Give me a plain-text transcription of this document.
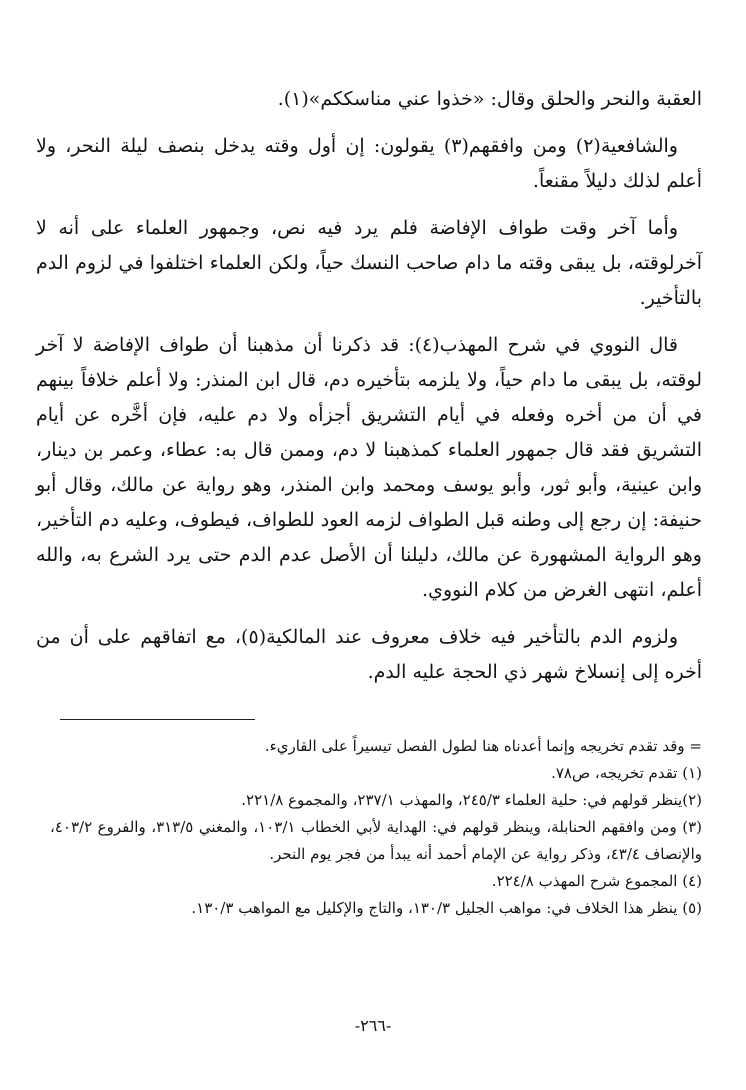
العقبة والنحر والحلق وقال: «خذوا عني مناسككم»(١).

والشافعية(٢) ومن وافقهم(٣) يقولون: إن أول وقته يدخل بنصف ليلة النحر، ولا أعلم لذلك دليلاً مقنعاً.

وأما آخر وقت طواف الإفاضة فلم يرد فيه نص، وجمهور العلماء على أنه لا آخرلوقته، بل يبقى وقته ما دام صاحب النسك حياً، ولكن العلماء اختلفوا في لزوم الدم بالتأخير.

قال النووي في شرح المهذب(٤): قد ذكرنا أن مذهبنا أن طواف الإفاضة لا آخر لوقته، بل يبقى ما دام حياً، ولا يلزمه بتأخيره دم، قال ابن المنذر: ولا أعلم خلافاً بينهم في أن من أخره وفعله في أيام التشريق أجزأه ولا دم عليه، فإن أخَّره عن أيام التشريق فقد قال جمهور العلماء كمذهبنا لا دم، وممن قال به: عطاء، وعمر بن دينار، وابن عينية، وأبو ثور، وأبو يوسف ومحمد وابن المنذر، وهو رواية عن مالك، وقال أبو حنيفة: إن رجع إلى وطنه قبل الطواف لزمه العود للطواف، فيطوف، وعليه دم التأخير، وهو الرواية المشهورة عن مالك، دليلنا أن الأصل عدم الدم حتى يرد الشرع به، والله أعلم، انتهى الغرض من كلام النووي.

ولزوم الدم بالتأخير فيه خلاف معروف عند المالكية(٥)، مع اتفاقهم على أن من أخره إلى إنسلاخ شهر ذي الحجة عليه الدم.

= وقد تقدم تخريجه وإنما أعدناه هنا لطول الفصل تيسيراً على القاريء.

(١) تقدم تخريجه، ص٧٨.

(٢)ينظر قولهم في: حلية العلماء ٢٤٥/٣، والمهذب ٢٣٧/١، والمجموع ٢٢١/٨.

(٣) ومن وافقهم الحنابلة، وينظر قولهم في: الهداية لأبي الخطاب ١٠٣/١، والمغني ٣١٣/٥، والفروع ٤٠٣/٢، والإنصاف ٤٣/٤، وذكر رواية عن الإمام أحمد أنه يبدأ من فجر يوم النحر.

(٤) المجموع شرح المهذب ٢٢٤/٨.

(٥) ينظر هذا الخلاف في: مواهب الجليل ١٣٠/٣، والتاج والإكليل مع المواهب ١٣٠/٣.

-٢٦٦-
